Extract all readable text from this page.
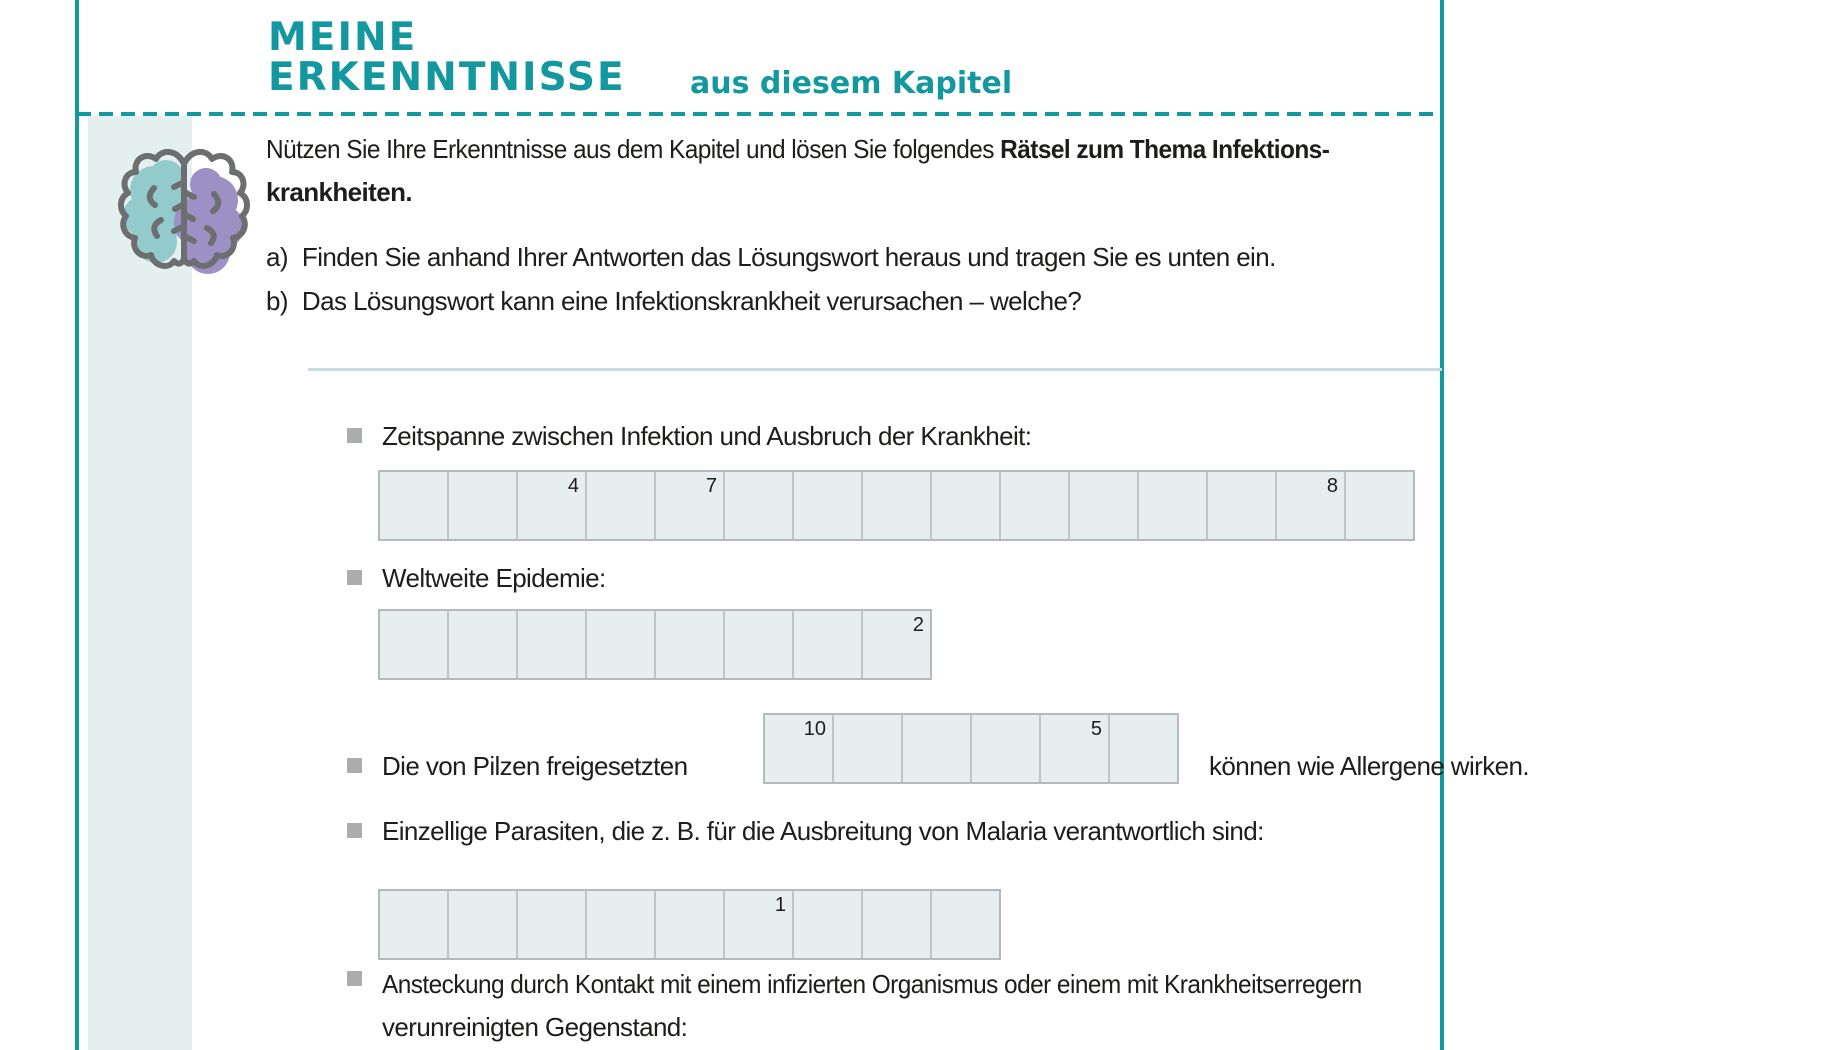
MEINE
ERKENNTNISSE aus diesem Kapitel
Nützen Sie Ihre Erkenntnisse aus dem Kapitel und lösen Sie folgendes Rätsel zum Thema Infektions-
krankheiten.
a) Finden Sie anhand Ihrer Antworten das Lösungswort heraus und tragen Sie es unten ein.
b) Das Lösungswort kann eine Infektionskrankheit verursachen – welche?
Zeitspanne zwischen Infektion und Ausbruch der Krankheit:
4	7	8
Weltweite Epidemie:
2
10	5
Die von Pilzen freigesetzten	können wie Allergene wirken.
Einzellige Parasiten, die z. B. für die Ausbreitung von Malaria verantwortlich sind:
1
Ansteckung durch Kontakt mit einem infizierten Organismus oder einem mit Krankheitserregern
verunreinigten Gegenstand:
